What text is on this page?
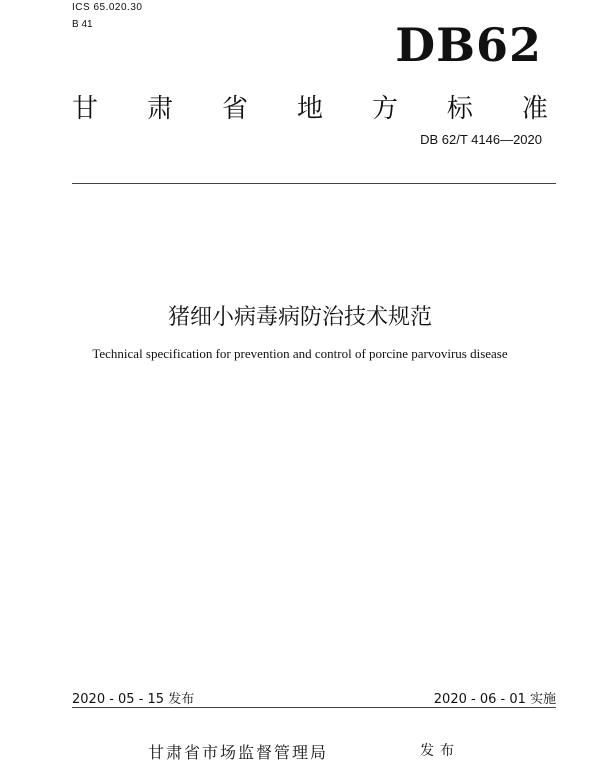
ICS 65.020.30
B 41	DB62
甘 肃 省 地 方 标 准
DB 62/T 4146—2020
猪细小病毒病防治技术规范
Technical specification for prevention and control of porcine parvovirus disease
2020 - 05 - 15 发布	2020 - 06 - 01 实施
甘肃省市场监督管理局	发布
